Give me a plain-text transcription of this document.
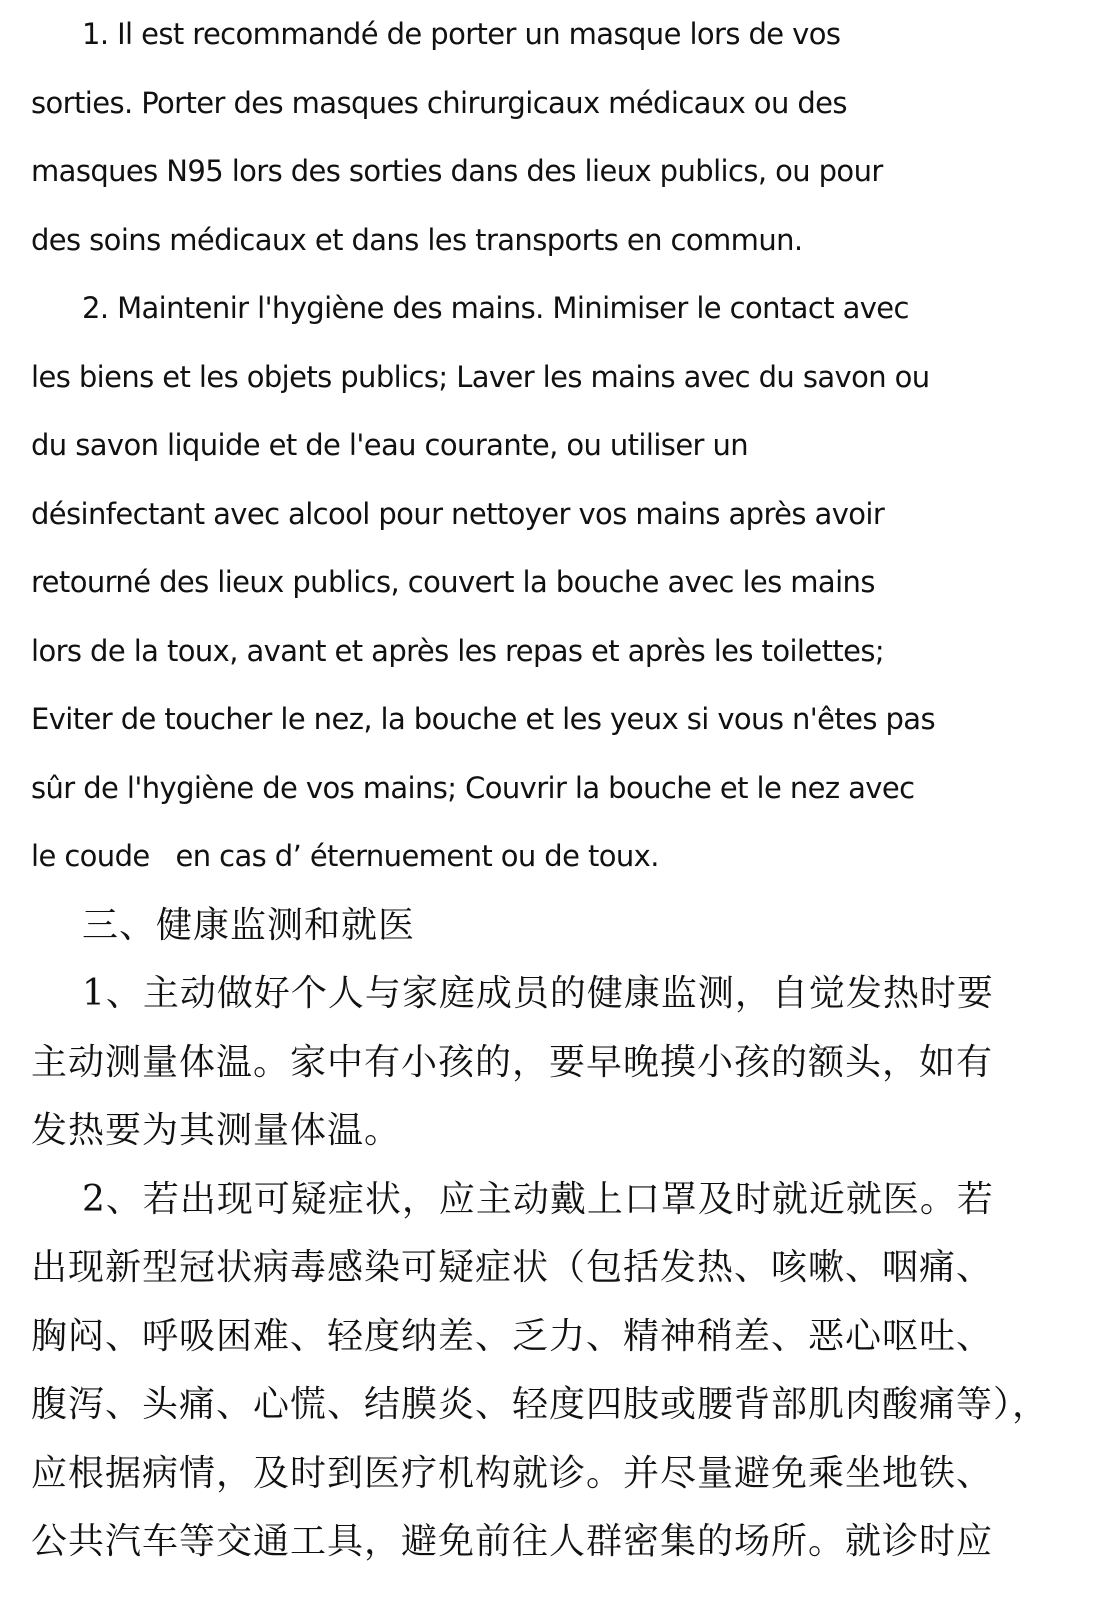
1. Il est recommandé de porter un masque lors de vos
sorties. Porter des masques chirurgicaux médicaux ou des
masques N95 lors des sorties dans des lieux publics, ou pour
des soins médicaux et dans les transports en commun.
2. Maintenir l'hygiène des mains. Minimiser le contact avec
les biens et les objets publics; Laver les mains avec du savon ou
du savon liquide et de l'eau courante, ou utiliser un
désinfectant avec alcool pour nettoyer vos mains après avoir
retourné des lieux publics, couvert la bouche avec les mains
lors de la toux, avant et après les repas et après les toilettes;
Eviter de toucher le nez, la bouche et les yeux si vous n'êtes pas
sûr de l'hygiène de vos mains; Couvrir la bouche et le nez avec
le coude   en cas d’ éternuement ou de toux.
三、健康监测和就医
1、主动做好个人与家庭成员的健康监测，自觉发热时要
主动测量体温。家中有小孩的，要早晚摸小孩的额头，如有
发热要为其测量体温。
2、若出现可疑症状，应主动戴上口罩及时就近就医。若
出现新型冠状病毒感染可疑症状（包括发热、咳嗽、咽痛、
胸闷、呼吸困难、轻度纳差、乏力、精神稍差、恶心呕吐、
腹泻、头痛、心慌、结膜炎、轻度四肢或腰背部肌肉酸痛等），
应根据病情，及时到医疗机构就诊。并尽量避免乘坐地铁、
公共汽车等交通工具，避免前往人群密集的场所。就诊时应
